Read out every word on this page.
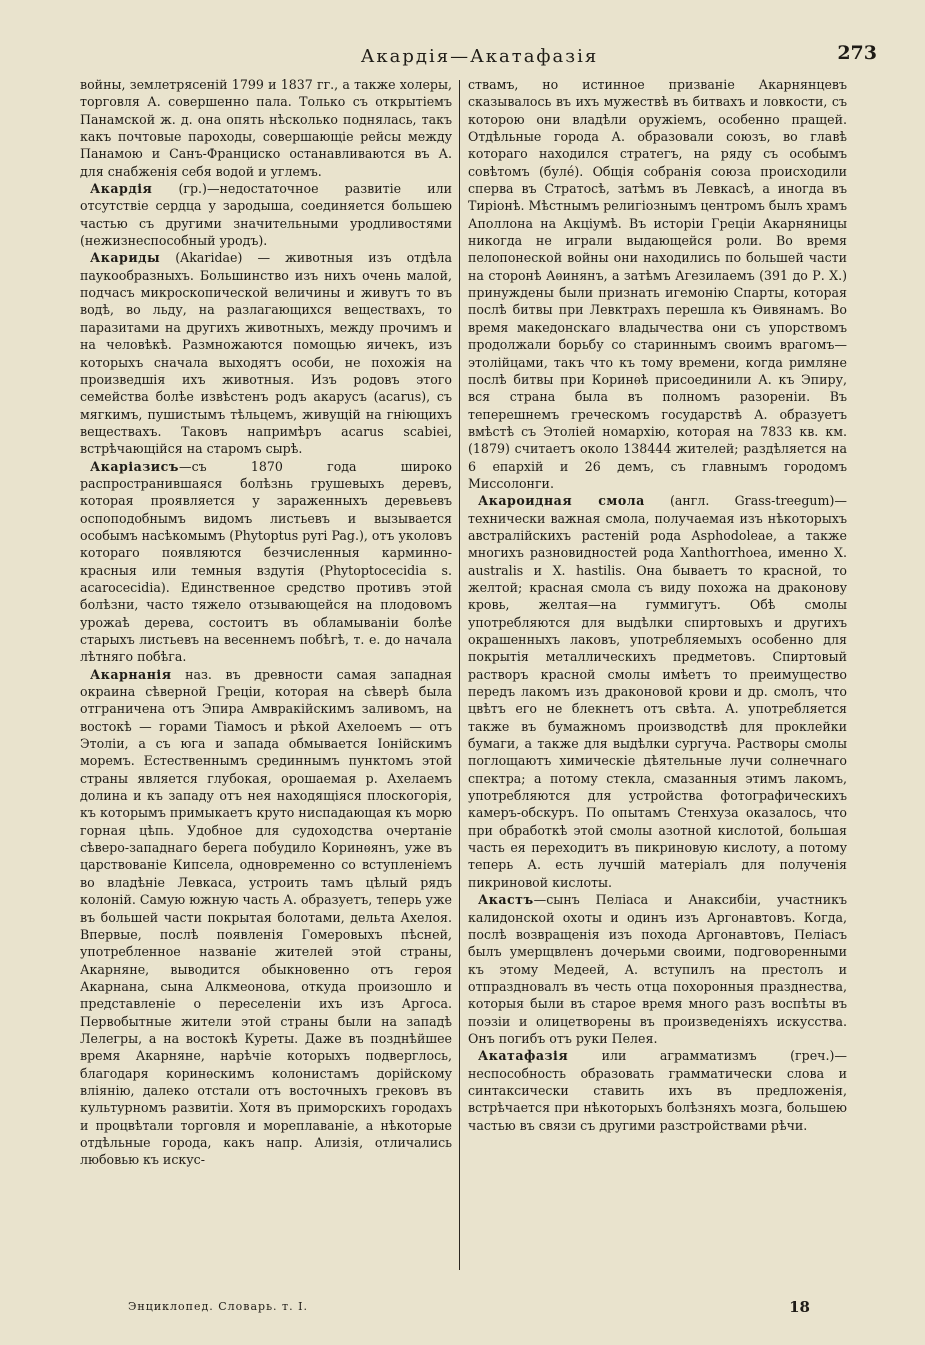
Акардія—Акатафазія	273

войны, землетрясеній 1799 и 1837 гг., а также холеры, торговля А. совершенно пала. Только съ открытіемъ Панамской ж. д. она опять нѣсколько поднялась, такъ какъ почтовые пароходы, совершающіе рейсы между Панамою и Санъ-Франциско останавливаются въ А. для снабженія себя водой и углемъ.

Акардія (гр.)—недостаточное развитіе или отсутствіе сердца у зародыша, соединяется большею частью съ другими значительными уродливостями (нежизнеспособный уродъ).

Акариды (Akaridae) — животныя изъ отдѣла паукообразныхъ. Большинство изъ нихъ очень малой, подчасъ микроскопической величины и живутъ то въ водѣ, во льду, на разлагающихся веществахъ, то паразитами на другихъ животныхъ, между прочимъ и на человѣкѣ. Размножаются помощью яичекъ, изъ которыхъ сначала выходятъ особи, не похожія на произведшія ихъ животныя. Изъ родовъ этого семейства болѣе извѣстенъ родъ акарусъ (acarus), съ мягкимъ, пушистымъ тѣльцемъ, живущій на гніющихъ веществахъ. Таковъ напримѣръ acarus scabiei, встрѣчающійся на старомъ сырѣ.

Акаріазисъ—съ 1870 года широко распространившаяся болѣзнь грушевыхъ деревъ, которая проявляется у зараженныхъ деревьевъ оспоподобнымъ видомъ листьевъ и вызывается особымъ насѣкомымъ (Phytoptus pyri Pag.), отъ уколовъ котораго появляются безчисленныя карминно-красныя или темныя вздутія (Phytoptocecidia s. acarocecidia). Единственное средство противъ этой болѣзни, часто тяжело отзывающейся на плодовомъ урожаѣ дерева, состоитъ въ обламываніи болѣе старыхъ листьевъ на весеннемъ побѣгѣ, т. е. до начала лѣтняго побѣга.

Акарнанія наз. въ древности самая западная окраина сѣверной Греціи, которая на сѣверѣ была отграничена отъ Эпира Амвракійскимъ заливомъ, на востокѣ — горами Тіамосъ и рѣкой Ахелоемъ — отъ Этоліи, а съ юга и запада обмывается Іонійскимъ моремъ. Естественнымъ срединнымъ пунктомъ этой страны является глубокая, орошаемая р. Ахелаемъ долина и къ западу отъ нея находящіяся плоскогорія, къ которымъ примыкаетъ круто ниспадающая къ морю горная цѣпь. Удобное для судоходства очертаніе сѣверо-западнаго берега побудило Коринѳянъ, уже въ царствованіе Кипсела, одновременно со вступленіемъ во владѣніе Левкаса, устроить тамъ цѣлый рядъ колоній. Самую южную часть А. образуетъ, теперь уже въ большей части покрытая болотами, дельта Ахелоя. Впервые, послѣ появленія Гомеровыхъ пѣсней, употребленное названіе жителей этой страны, Акарняне, выводится обыкновенно отъ героя Акарнана, сына Алкмеонова, откуда произошло и представленіе о переселеніи ихъ изъ Аргоса. Первобытные жители этой страны были на западѣ Лелегры, а на востокѣ Куреты. Даже въ позднѣйшее время Акарняне, нарѣчіе которыхъ подверглось, благодаря коринѳскимъ колонистамъ дорійскому вліянію, далеко отстали отъ восточныхъ грековъ въ культурномъ развитіи. Хотя въ приморскихъ городахъ и процвѣтали торговля и мореплаваніе, а нѣкоторые отдѣльные города, какъ напр. Ализія, отличались любовью къ искус-

ствамъ, но истинное призваніе Акарнянцевъ сказывалось въ ихъ мужествѣ въ битвахъ и ловкости, съ которою они владѣли оружіемъ, особенно пращей. Отдѣльные города А. образовали союзъ, во главѣ котораго находился стратегъ, на ряду съ особымъ совѣтомъ (булé). Общія собранія союза происходили сперва въ Стратосѣ, затѣмъ въ Левкасѣ, а иногда въ Тиріонѣ. Мѣстнымъ религіознымъ центромъ былъ храмъ Аполлона на Акціумѣ. Въ исторіи Греціи Акарняницы никогда не играли выдающейся роли. Во время пелопонеской войны они находились по большей части на сторонѣ Аѳинянъ, а затѣмъ Агезилаемъ (391 до Р. Х.) принуждены были признать игемонію Спарты, которая послѣ битвы при Левктрахъ перешла къ Ѳивянамъ. Во время македонскаго владычества они съ упорствомъ продолжали борьбу со стариннымъ своимъ врагомъ—этолійцами, такъ что къ тому времени, когда римляне послѣ битвы при Коринѳѣ присоединили А. къ Эпиру, вся страна была въ полномъ разореніи. Въ теперешнемъ греческомъ государствѣ А. образуетъ вмѣстѣ съ Этоліей номархію, которая на 7833 кв. км. (1879) считаетъ около 138444 жителей; раздѣляется на 6 епархій и 26 демъ, съ главнымъ городомъ Миссолонги.

Акароидная смола (англ. Grass-treegum)—технически важная смола, получаемая изъ нѣкоторыхъ австралійскихъ растеній рода Asphodoleae, а также многихъ разновидностей рода Xanthorrhoea, именно X. australis и X. hastilis. Она бываетъ то красной, то желтой; красная смола съ виду похожа на драконову кровь, желтая—на гуммигутъ. Обѣ смолы употребляются для выдѣлки спиртовыхъ и другихъ окрашенныхъ лаковъ, употребляемыхъ особенно для покрытія металлическихъ предметовъ. Спиртовый растворъ красной смолы имѣетъ то преимущество передъ лакомъ изъ драконовой крови и др. смолъ, что цвѣтъ его не блекнетъ отъ свѣта. А. употребляется также въ бумажномъ производствѣ для проклейки бумаги, а также для выдѣлки сургуча. Растворы смолы поглощаютъ химическіе дѣятельные лучи солнечнаго спектра; а потому стекла, смазанныя этимъ лакомъ, употребляются для устройства фотографическихъ камеръ-обскуръ. По опытамъ Стенхуза оказалось, что при обработкѣ этой смолы азотной кислотой, большая часть ея переходитъ въ пикриновую кислоту, а потому теперь А. есть лучшій матеріалъ для полученія пикриновой кислоты.

Акастъ—сынъ Пеліаса и Анаксибіи, участникъ калидонской охоты и одинъ изъ Аргонавтовъ. Когда, послѣ возвращенія изъ похода Аргонавтовъ, Пеліасъ былъ умерщвленъ дочерьми своими, подговоренными къ этому Медеей, А. вступилъ на престолъ и отпраздновалъ въ честь отца похоронныя празднества, которыя были въ старое время много разъ воспѣты въ поэзіи и олицетворены въ произведеніяхъ искусства. Онъ погибъ отъ руки Пелея.

Акатафазія или аграмматизмъ (греч.)—неспособность образовать грамматически слова и синтаксически ставить ихъ въ предложенія, встрѣчается при нѣкоторыхъ болѣзняхъ мозга, большею частью въ связи съ другими разстройствами рѣчи.

Энциклопед. Словарь. т. I.	18
